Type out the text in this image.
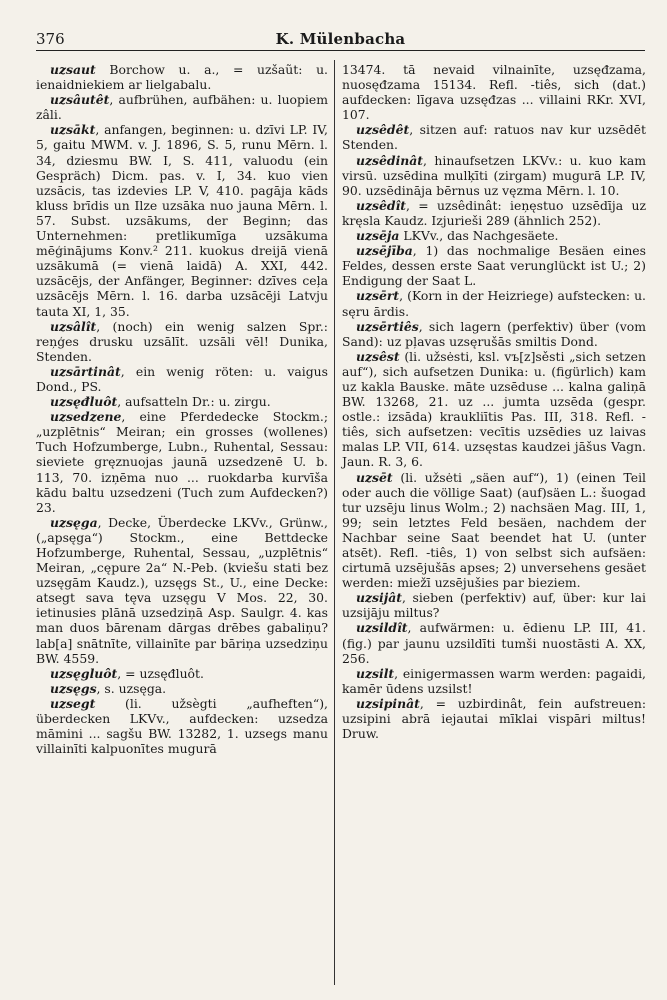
376	K. Mülenbacha

uzsaut Borchow u. a., = uzšaũt: u. ienaidniekiem ar lielgabalu.

uzsâutêt, aufbrühen, aufbähen: u. luopiem zâli.

uzsākt, anfangen, beginnen: u. dzīvi LP. IV, 5, gaitu MWM. v. J. 1896, S. 5, runu Mērn. l. 34, dziesmu BW. I, S. 411, valuodu (ein Gespräch) Dicm. pas. v. I, 34. kuo vien uzsācis, tas izdevies LP. V, 410. pagāja kāds kluss brīdis un Ilze uzsāka nuo jauna Mērn. l. 57. Subst. uzsākums, der Beginn; das Unternehmen: pretlikumīga uzsākuma mēģinājums Konv.² 211. kuokus dreijā vienā uzsākumā (= vienā laidā) A. XXI, 442. uzsācējs, der Anfänger, Beginner: dzīves ceļa uzsācējs Mērn. l. 16. darba uzsācēji Latvju tauta XI, 1, 35.

uzsâlît, (noch) ein wenig salzen Spr.: reņģes drusku uzsālīt. uzsāli vēl! Dunika, Stenden.

uzsārtinât, ein wenig röten: u. vaigus Dond., PS.

uzsęđluôt, aufsatteln Dr.: u. zirgu.

uzsedzene, eine Pferdedecke Stockm.; „uzplētnis“ Meiran; ein grosses (wollenes) Tuch Hofzumberge, Lubn., Ruhental, Sessau: sieviete gręznuojas jaunā uzsedzenē U. b. 113, 70. izņēma nuo ... ruokdarba kurvīša kādu baltu uzsedzeni (Tuch zum Aufdecken?) 23.

uzsęga, Decke, Überdecke LKVv., Grünw., („apsęga“) Stockm., eine Bettdecke Hofzumberge, Ruhental, Sessau, „uzplētnis“ Meiran, „cępure 2a“ N.-Peb. (kviešu stati bez uzsęgām Kaudz.), uzsęgs St., U., eine Decke: atsegt sava tęva uzsęgu V Mos. 22, 30. ietinusies plānā uzsedziņā Asp. Saulgr. 4. kas man duos bārenam dārgas drēbes gabaliņu? lab[a] snātnīte, villainīte par bāriņa uzsedziņu BW. 4559.

uzsęgluôt, = uzsęđluôt.

uzsęgs, s. uzsęga.

uzsegt (li. užsègti „aufheften“), überdecken LKVv., aufdecken: uzsedza māmini ... sagšu BW. 13282, 1. uzsegs manu villainīti kalpuonītes mugurā

13474. tā nevaid vilnainīte, uzsęđzama, nuosęđzama 15134. Refl. -tiês, sich (dat.) aufdecken: līgava uzsęđzas ... villaini RKr. XVI, 107.

uzsêdêt, sitzen auf: ratuos nav kur uzsēdēt Stenden.

uzsêdinât, hinaufsetzen LKVv.: u. kuo kam virsū. uzsēdina mulķīti (zirgam) mugurā LP. IV, 90. uzsēdināja bērnus uz vęzma Mērn. l. 10.

uzsêdît, = uzsêdinât: ieņęstuo uzsēdīja uz kręsla Kaudz. Izjurieši 289 (ähnlich 252).

uzsēja LKVv., das Nachgesäete.

uzsējība, 1) das nochmalige Besäen eines Feldes, dessen erste Saat verunglückt ist U.; 2) Endigung der Saat L.

uzsērt, (Korn in der Heizriege) aufstecken: u. sęru ārdis.

uzsērtiês, sich lagern (perfektiv) über (vom Sand): uz pļavas uzsęrušās smiltis Dond.

uzsêst (li. užsėsti, ksl. vъ[z]sěsti „sich setzen auf“), sich aufsetzen Dunika: u. (figürlich) kam uz kakla Bauske. māte uzsēduse ... kalna galiņā BW. 13268, 21. uz ... jumta uzsēda (gespr. ostle.: izsāda) kraukliītis Pas. III, 318. Refl. -tiês, sich aufsetzen: vecītis uzsēdies uz laivas malas LP. VII, 614. uzsęstas kaudzei jāšus Vagn. Jaun. R. 3, 6.

uzsēt (li. užsėti „säen auf“), 1) (einen Teil oder auch die völlige Saat) (auf)säen L.: šuogad tur uzsēju linus Wolm.; 2) nachsäen Mag. III, 1, 99; sein letztes Feld besäen, nachdem der Nachbar seine Saat beendet hat U. (unter atsēt). Refl. -tiês, 1) von selbst sich aufsäen: cirtumā uzsējušās apses; 2) unversehens gesäet werden: miežī uzsējušies par bieziem.

uzsijât, sieben (perfektiv) auf, über: kur lai uzsijāju miltus?

uzsildît, aufwärmen: u. ēdienu LP. III, 41. (fig.) par jaunu uzsildīti tumši nuostāsti A. XX, 256.

uzsilt, einigermassen warm werden: pagaidi, kamēr ūdens uzsilst!

uzsipinât, = uzbirdinât, fein aufstreuen: uzsipini abrā iejautai mīklai vispāri miltus! Druw.
